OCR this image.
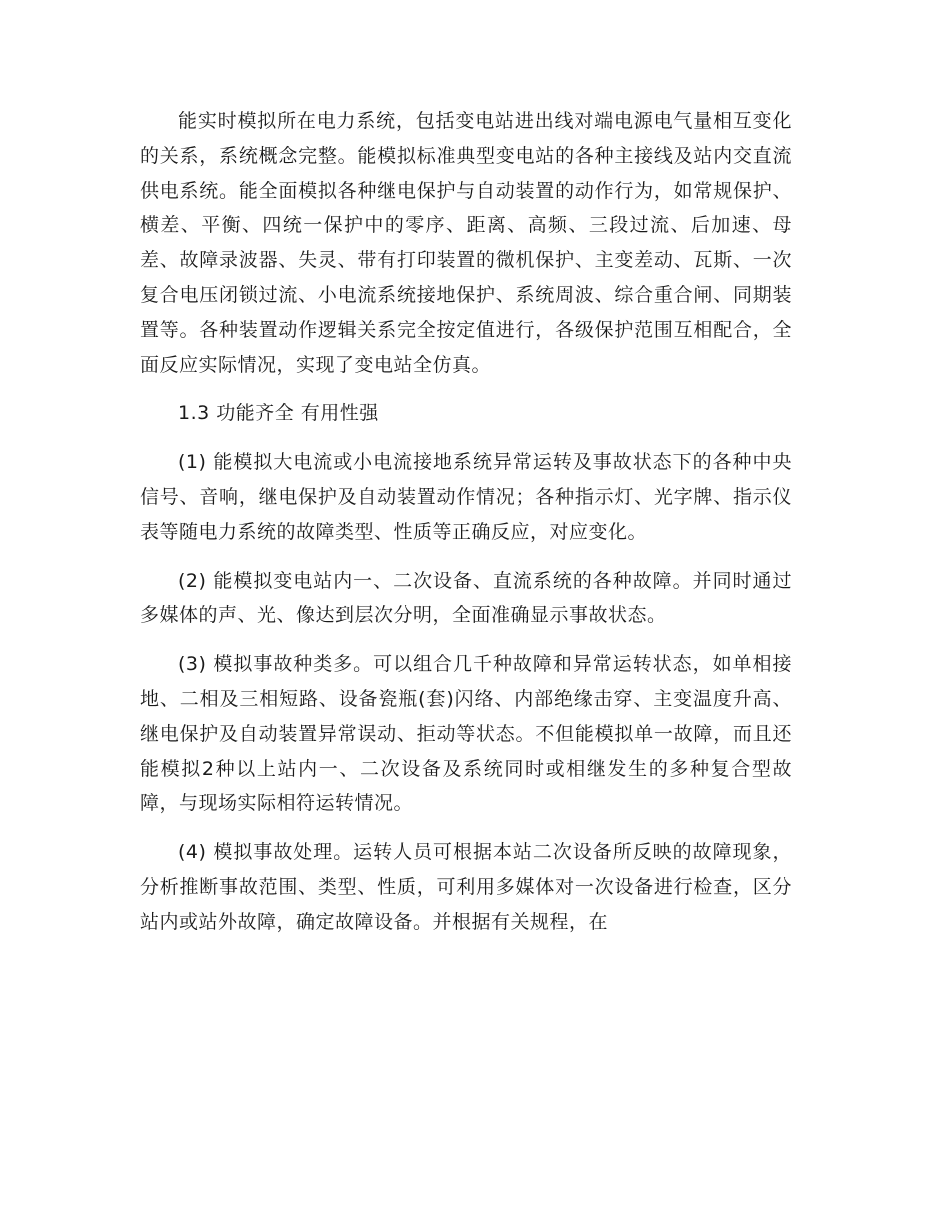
能实时模拟所在电力系统，包括变电站进出线对端电源电气量相互变化的关系，系统概念完整。能模拟标准典型变电站的各种主接线及站内交直流供电系统。能全面模拟各种继电保护与自动装置的动作行为，如常规保护、横差、平衡、四统一保护中的零序、距离、高频、三段过流、后加速、母差、故障录波器、失灵、带有打印装置的微机保护、主变差动、瓦斯、一次复合电压闭锁过流、小电流系统接地保护、系统周波、综合重合闸、同期装置等。各种装置动作逻辑关系完全按定值进行，各级保护范围互相配合，全面反应实际情况，实现了变电站全仿真。

1.3 功能齐全 有用性强

(1) 能模拟大电流或小电流接地系统异常运转及事故状态下的各种中央信号、音响，继电保护及自动装置动作情况；各种指示灯、光字牌、指示仪表等随电力系统的故障类型、性质等正确反应，对应变化。

(2) 能模拟变电站内一、二次设备、直流系统的各种故障。并同时通过多媒体的声、光、像达到层次分明，全面准确显示事故状态。

(3) 模拟事故种类多。可以组合几千种故障和异常运转状态，如单相接地、二相及三相短路、设备瓷瓶(套)闪络、内部绝缘击穿、主变温度升高、继电保护及自动装置异常误动、拒动等状态。不但能模拟单一故障，而且还能模拟2种以上站内一、二次设备及系统同时或相继发生的多种复合型故障，与现场实际相符运转情况。

(4) 模拟事故处理。运转人员可根据本站二次设备所反映的故障现象，分析推断事故范围、类型、性质，可利用多媒体对一次设备进行检查，区分站内或站外故障，确定故障设备。并根据有关规程，在
